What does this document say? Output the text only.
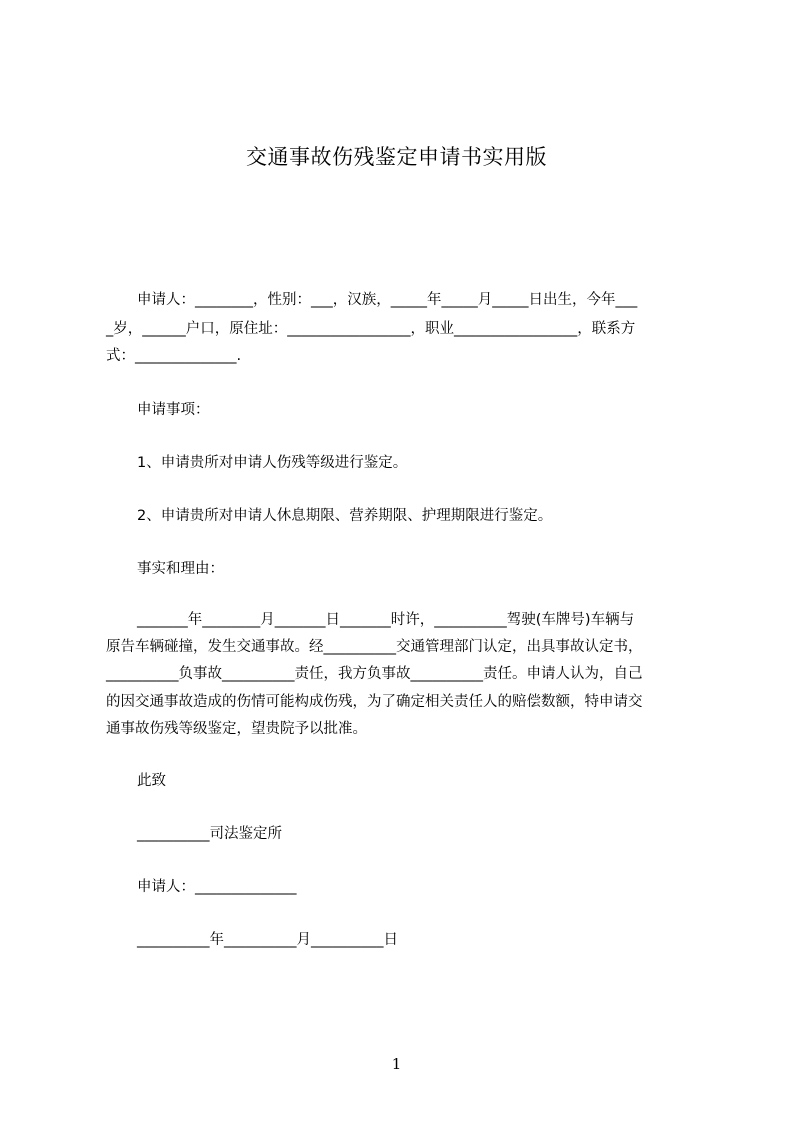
交通事故伤残鉴定申请书实用版
申请人：________，性别：___，汉族，_____年_____月_____日出生，今年___
_岁，______户口，原住址：_________________，职业_________________，联系方
式：______________.
申请事项：
1、申请贵所对申请人伤残等级进行鉴定。
2、申请贵所对申请人休息期限、营养期限、护理期限进行鉴定。
事实和理由：
_______年________月_______日_______时许，__________驾驶(车牌号)车辆与
原告车辆碰撞，发生交通事故。经__________交通管理部门认定，出具事故认定书，
__________负事故__________责任，我方负事故__________责任。申请人认为，自己
的因交通事故造成的伤情可能构成伤残，为了确定相关责任人的赔偿数额，特申请交
通事故伤残等级鉴定，望贵院予以批准。
此致
__________司法鉴定所
申请人：______________
__________年__________月__________日
1
